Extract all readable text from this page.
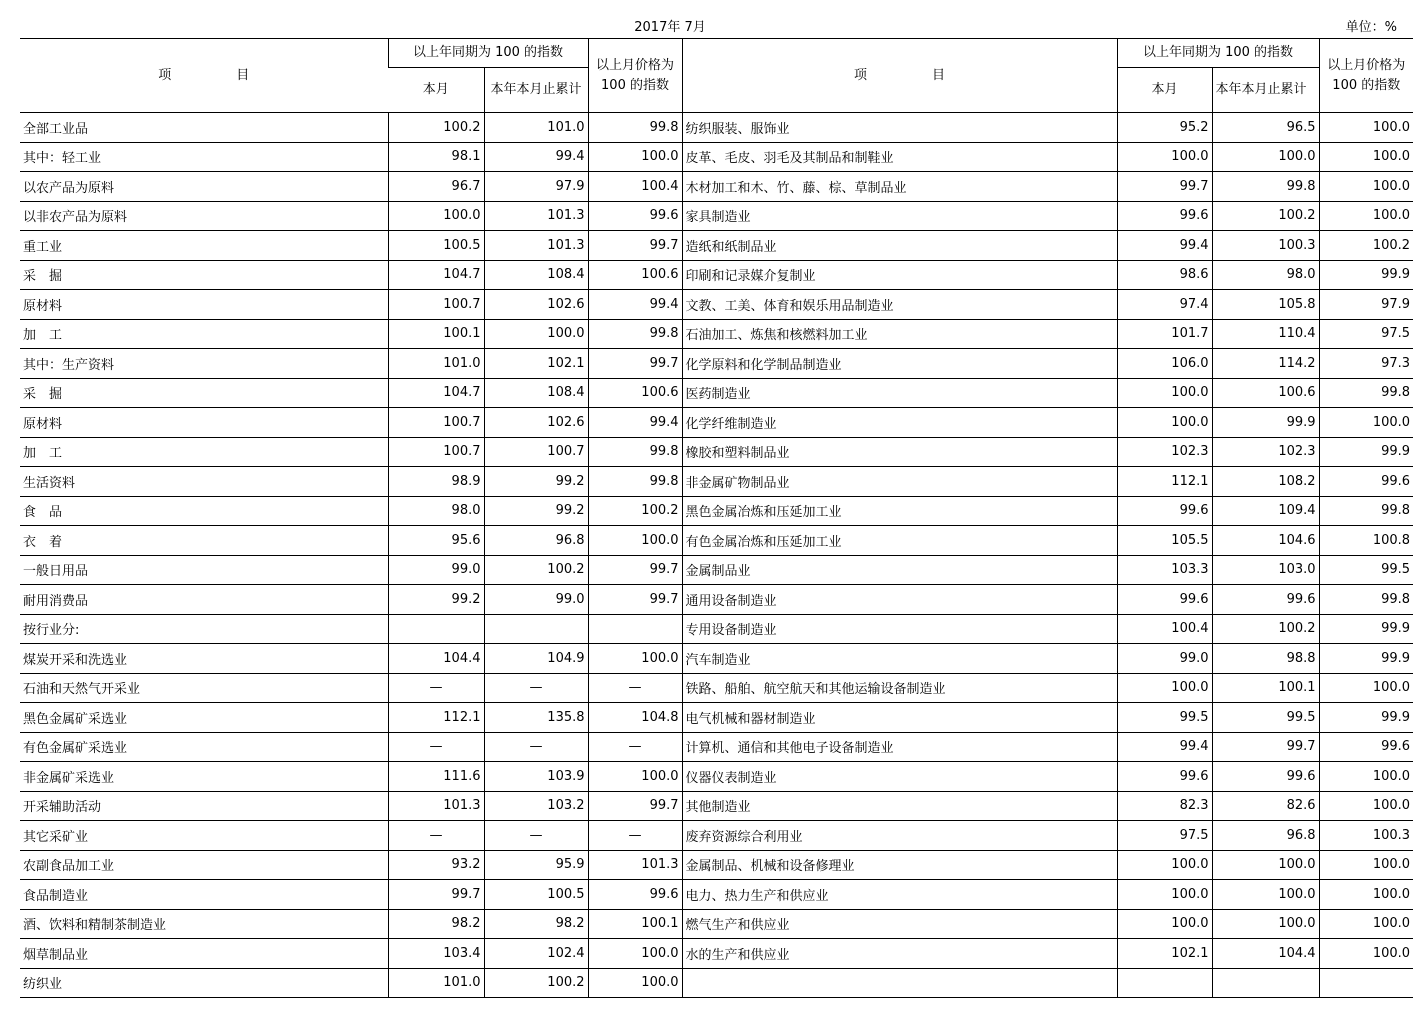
2017年 7月	单位：%
项　目	以上年同期为 100 的指数		以上月价格为 100 的指数	项　目	以上年同期为 100 的指数		以上月价格为 100 的指数
	本月	本年本月止累计			本月	本年本月止累计	
全部工业品	100.2	101.0	99.8	纺织服装、服饰业	95.2	96.5	100.0
其中：轻工业	98.1	99.4	100.0	皮革、毛皮、羽毛及其制品和制鞋业	100.0	100.0	100.0
以农产品为原料	96.7	97.9	100.4	木材加工和木、竹、藤、棕、草制品业	99.7	99.8	100.0
以非农产品为原料	100.0	101.3	99.6	家具制造业	99.6	100.2	100.0
重工业	100.5	101.3	99.7	造纸和纸制品业	99.4	100.3	100.2
采　掘	104.7	108.4	100.6	印刷和记录媒介复制业	98.6	98.0	99.9
原材料	100.7	102.6	99.4	文教、工美、体育和娱乐用品制造业	97.4	105.8	97.9
加　工	100.1	100.0	99.8	石油加工、炼焦和核燃料加工业	101.7	110.4	97.5
其中：生产资料	101.0	102.1	99.7	化学原料和化学制品制造业	106.0	114.2	97.3
采　掘	104.7	108.4	100.6	医药制造业	100.0	100.6	99.8
原材料	100.7	102.6	99.4	化学纤维制造业	100.0	99.9	100.0
加　工	100.7	100.7	99.8	橡胶和塑料制品业	102.3	102.3	99.9
生活资料	98.9	99.2	99.8	非金属矿物制品业	112.1	108.2	99.6
食　品	98.0	99.2	100.2	黑色金属冶炼和压延加工业	99.6	109.4	99.8
衣　着	95.6	96.8	100.0	有色金属冶炼和压延加工业	105.5	104.6	100.8
一般日用品	99.0	100.2	99.7	金属制品业	103.3	103.0	99.5
耐用消费品	99.2	99.0	99.7	通用设备制造业	99.6	99.6	99.8
按行业分:				专用设备制造业	100.4	100.2	99.9
煤炭开采和洗选业	104.4	104.9	100.0	汽车制造业	99.0	98.8	99.9
石油和天然气开采业	—	—	—	铁路、船舶、航空航天和其他运输设备制造业	100.0	100.1	100.0
黑色金属矿采选业	112.1	135.8	104.8	电气机械和器材制造业	99.5	99.5	99.9
有色金属矿采选业	—	—	—	计算机、通信和其他电子设备制造业	99.4	99.7	99.6
非金属矿采选业	111.6	103.9	100.0	仪器仪表制造业	99.6	99.6	100.0
开采辅助活动	101.3	103.2	99.7	其他制造业	82.3	82.6	100.0
其它采矿业	—	—	—	废弃资源综合利用业	97.5	96.8	100.3
农副食品加工业	93.2	95.9	101.3	金属制品、机械和设备修理业	100.0	100.0	100.0
食品制造业	99.7	100.5	99.6	电力、热力生产和供应业	100.0	100.0	100.0
酒、饮料和精制茶制造业	98.2	98.2	100.1	燃气生产和供应业	100.0	100.0	100.0
烟草制品业	103.4	102.4	100.0	水的生产和供应业	102.1	104.4	100.0
纺织业	101.0	100.2	100.0				
